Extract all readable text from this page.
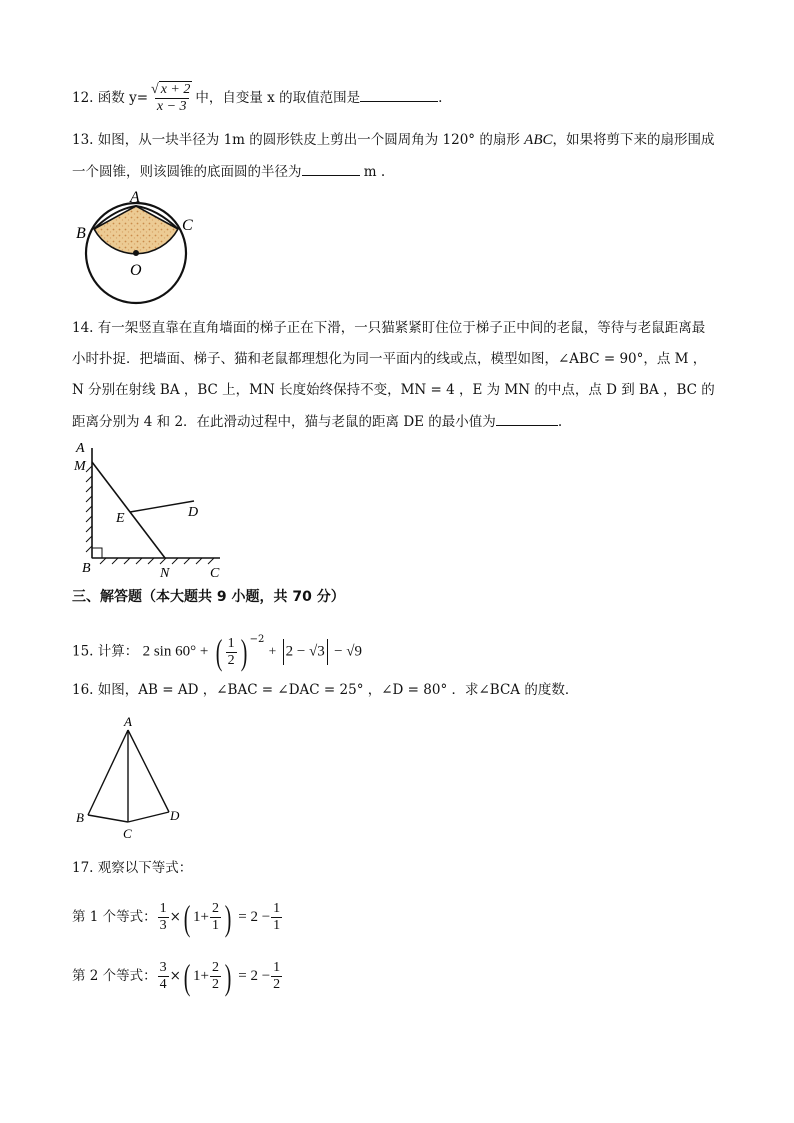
12. 函数 $y= \frac{√ x + 2}{x - 3}$ 中，自变量 x 的取值范围是	.
13. 如图，从一块半径为 1m 的圆形铁皮上剪出一个圆周角为 120° 的扇形 ABC，如果将剪下来的扇形围成
一个圆锥，则该圆锥的底面圆的半径为	m .
A
B	C
O
14. 有一架竖直靠在直角墙面的梯子正在下滑，一只猫紧紧盯住位于梯子正中间的老鼠，等待与老鼠距离最
小时扑捉．把墙面、梯子、猫和老鼠都理想化为同一平面内的线或点，模型如图，∠ABC = 90°，点 M ，
N 分别在射线 BA ，BC 上，MN 长度始终保持不变，MN = 4 ，E 为 MN 的中点，点 D 到 BA ，BC 的
距离分别为 4 和 2．在此滑动过程中，猫与老鼠的距离 DE 的最小值为	.
A
M
E	D
B	N	C
三、解答题（本大题共 9 小题，共 70 分）
15. 计算： 2 sin 60° + ( $\frac{1}{2}$ ) $^{-2}$ + 2 − √3 − √9
16. 如图，AB = AD ，∠BAC = ∠DAC = 25° ，∠D = 80° ．求∠BCA 的度数．
A
B
C
D
17. 观察以下等式：
第 1 个等式： $\frac{1}{3}$ ×( $1+ \frac{2}{1}$ ) = $2 - \frac{1}{1}$
第 2 个等式： $\frac{3}{4}$ ×( $1+ \frac{2}{2}$ ) = $2 - \frac{1}{2}$
